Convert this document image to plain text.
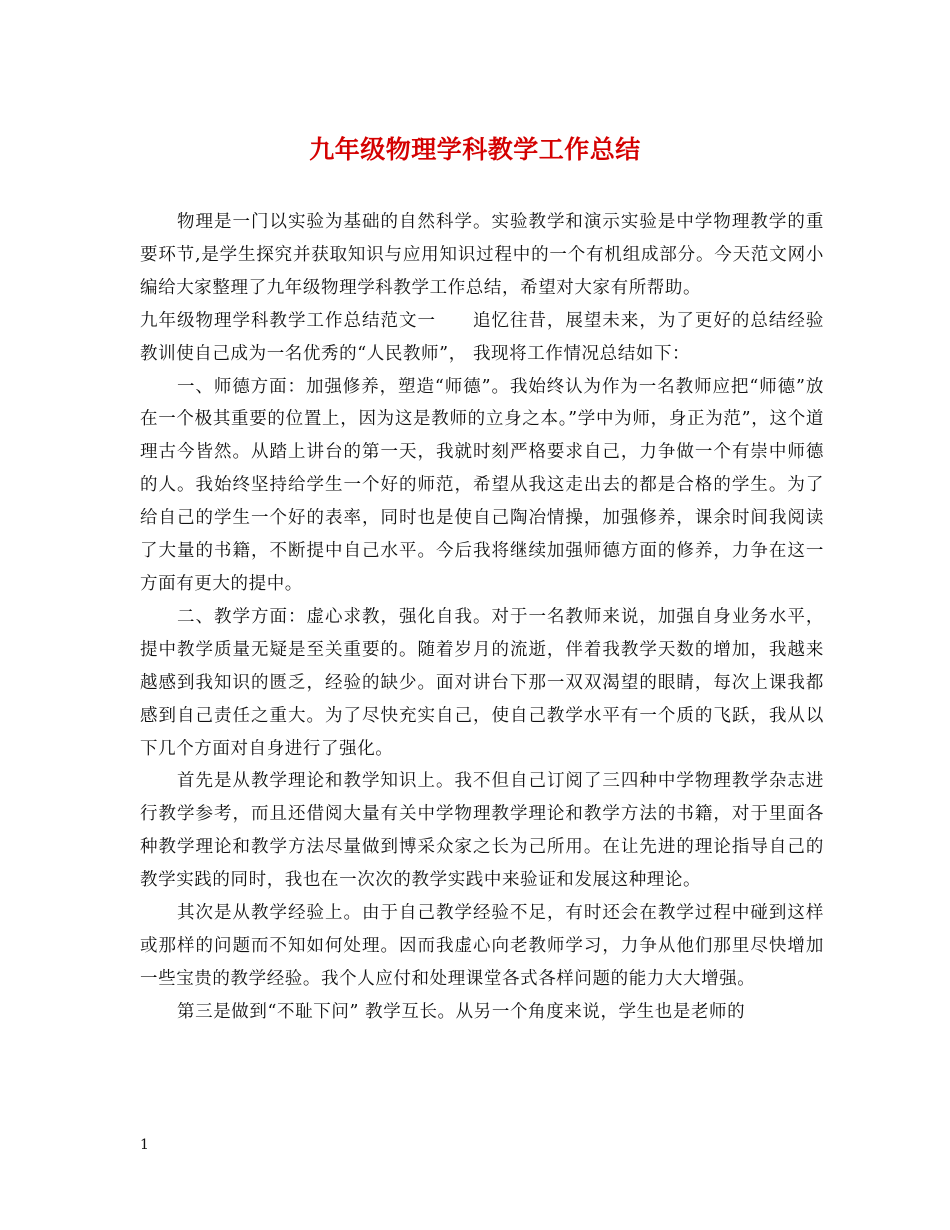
九年级物理学科教学工作总结

物理是一门以实验为基础的自然科学。实验教学和演示实验是中学物理教学的重要环节,是学生探究并获取知识与应用知识过程中的一个有机组成部分。今天范文网小编给大家整理了九年级物理学科教学工作总结，希望对大家有所帮助。

九年级物理学科教学工作总结范文一　　追忆往昔，展望未来，为了更好的总结经验教训使自己成为一名优秀的“人民教师”， 我现将工作情况总结如下：

一、师德方面：加强修养，塑造“师德”。我始终认为作为一名教师应把“师德”放在一个极其重要的位置上，因为这是教师的立身之本。”学中为师，身正为范”，这个道理古今皆然。从踏上讲台的第一天，我就时刻严格要求自己，力争做一个有崇中师德的人。我始终坚持给学生一个好的师范，希望从我这走出去的都是合格的学生。为了给自己的学生一个好的表率，同时也是使自己陶冶情操，加强修养，课余时间我阅读了大量的书籍，不断提中自己水平。今后我将继续加强师德方面的修养，力争在这一方面有更大的提中。

二、教学方面：虚心求教，强化自我。对于一名教师来说，加强自身业务水平，提中教学质量无疑是至关重要的。随着岁月的流逝，伴着我教学天数的增加，我越来越感到我知识的匮乏，经验的缺少。面对讲台下那一双双渴望的眼睛，每次上课我都感到自己责任之重大。为了尽快充实自己，使自己教学水平有一个质的飞跃，我从以下几个方面对自身进行了强化。

首先是从教学理论和教学知识上。我不但自己订阅了三四种中学物理教学杂志进行教学参考，而且还借阅大量有关中学物理教学理论和教学方法的书籍，对于里面各种教学理论和教学方法尽量做到博采众家之长为己所用。在让先进的理论指导自己的教学实践的同时，我也在一次次的教学实践中来验证和发展这种理论。

其次是从教学经验上。由于自己教学经验不足，有时还会在教学过程中碰到这样或那样的问题而不知如何处理。因而我虚心向老教师学习，力争从他们那里尽快增加一些宝贵的教学经验。我个人应付和处理课堂各式各样问题的能力大大增强。

第三是做到“不耻下问” 教学互长。从另一个角度来说，学生也是老师的

1
